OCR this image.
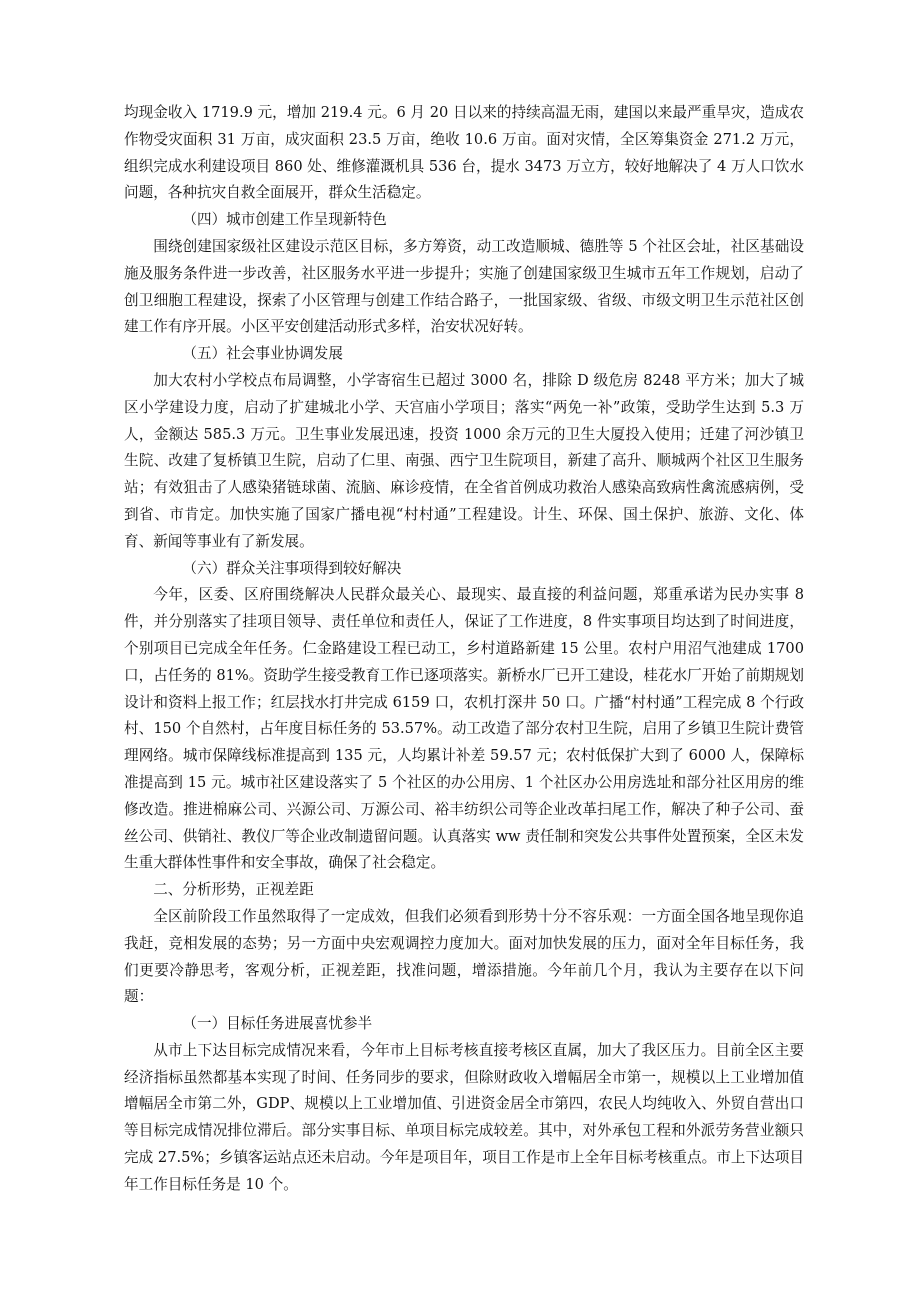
均现金收入 1719.9 元，增加 219.4 元。6 月 20 日以来的持续高温无雨，建国以来最严重旱灾，造成农作物受灾面积 31 万亩，成灾面积 23.5 万亩，绝收 10.6 万亩。面对灾情，全区筹集资金 271.2 万元，组织完成水利建设项目 860 处、维修灌溉机具 536 台，提水 3473 万立方，较好地解决了 4 万人口饮水问题，各种抗灾自救全面展开，群众生活稳定。

（四）城市创建工作呈现新特色

围绕创建国家级社区建设示范区目标，多方筹资，动工改造顺城、德胜等 5 个社区会址，社区基础设施及服务条件进一步改善，社区服务水平进一步提升；实施了创建国家级卫生城市五年工作规划，启动了创卫细胞工程建设，探索了小区管理与创建工作结合路子，一批国家级、省级、市级文明卫生示范社区创建工作有序开展。小区平安创建活动形式多样，治安状况好转。

（五）社会事业协调发展

加大农村小学校点布局调整，小学寄宿生已超过 3000 名，排除 D 级危房 8248 平方米；加大了城区小学建设力度，启动了扩建城北小学、天宫庙小学项目；落实“两免一补”政策，受助学生达到 5.3 万人，金额达 585.3 万元。卫生事业发展迅速，投资 1000 余万元的卫生大厦投入使用；迁建了河沙镇卫生院、改建了复桥镇卫生院，启动了仁里、南强、西宁卫生院项目，新建了高升、顺城两个社区卫生服务站；有效狙击了人感染猪链球菌、流脑、麻诊疫情，在全省首例成功救治人感染高致病性禽流感病例，受到省、市肯定。加快实施了国家广播电视“村村通”工程建设。计生、环保、国土保护、旅游、文化、体育、新闻等事业有了新发展。

（六）群众关注事项得到较好解决

今年，区委、区府围绕解决人民群众最关心、最现实、最直接的利益问题，郑重承诺为民办实事 8 件，并分别落实了挂项目领导、责任单位和责任人，保证了工作进度，8 件实事项目均达到了时间进度，个别项目已完成全年任务。仁金路建设工程已动工，乡村道路新建 15 公里。农村户用沼气池建成 1700 口，占任务的 81%。资助学生接受教育工作已逐项落实。新桥水厂已开工建设，桂花水厂开始了前期规划设计和资料上报工作；红层找水打井完成 6159 口，农机打深井 50 口。广播“村村通”工程完成 8 个行政村、150 个自然村，占年度目标任务的 53.57%。动工改造了部分农村卫生院，启用了乡镇卫生院计费管理网络。城市保障线标准提高到 135 元，人均累计补差 59.57 元；农村低保扩大到了 6000 人，保障标准提高到 15 元。城市社区建设落实了 5 个社区的办公用房、1 个社区办公用房选址和部分社区用房的维修改造。推进棉麻公司、兴源公司、万源公司、裕丰纺织公司等企业改革扫尾工作，解决了种子公司、蚕丝公司、供销社、教仪厂等企业改制遗留问题。认真落实 ww 责任制和突发公共事件处置预案，全区未发生重大群体性事件和安全事故，确保了社会稳定。

二、分析形势，正视差距

全区前阶段工作虽然取得了一定成效，但我们必须看到形势十分不容乐观：一方面全国各地呈现你追我赶，竞相发展的态势；另一方面中央宏观调控力度加大。面对加快发展的压力，面对全年目标任务，我们更要冷静思考，客观分析，正视差距，找准问题，增添措施。今年前几个月，我认为主要存在以下问题：

（一）目标任务进展喜忧参半

从市上下达目标完成情况来看，今年市上目标考核直接考核区直属，加大了我区压力。目前全区主要经济指标虽然都基本实现了时间、任务同步的要求，但除财政收入增幅居全市第一，规模以上工业增加值增幅居全市第二外，GDP、规模以上工业增加值、引进资金居全市第四，农民人均纯收入、外贸自营出口等目标完成情况排位滞后。部分实事目标、单项目标完成较差。其中，对外承包工程和外派劳务营业额只完成 27.5%；乡镇客运站点还未启动。今年是项目年，项目工作是市上全年目标考核重点。市上下达项目年工作目标任务是 10 个。
